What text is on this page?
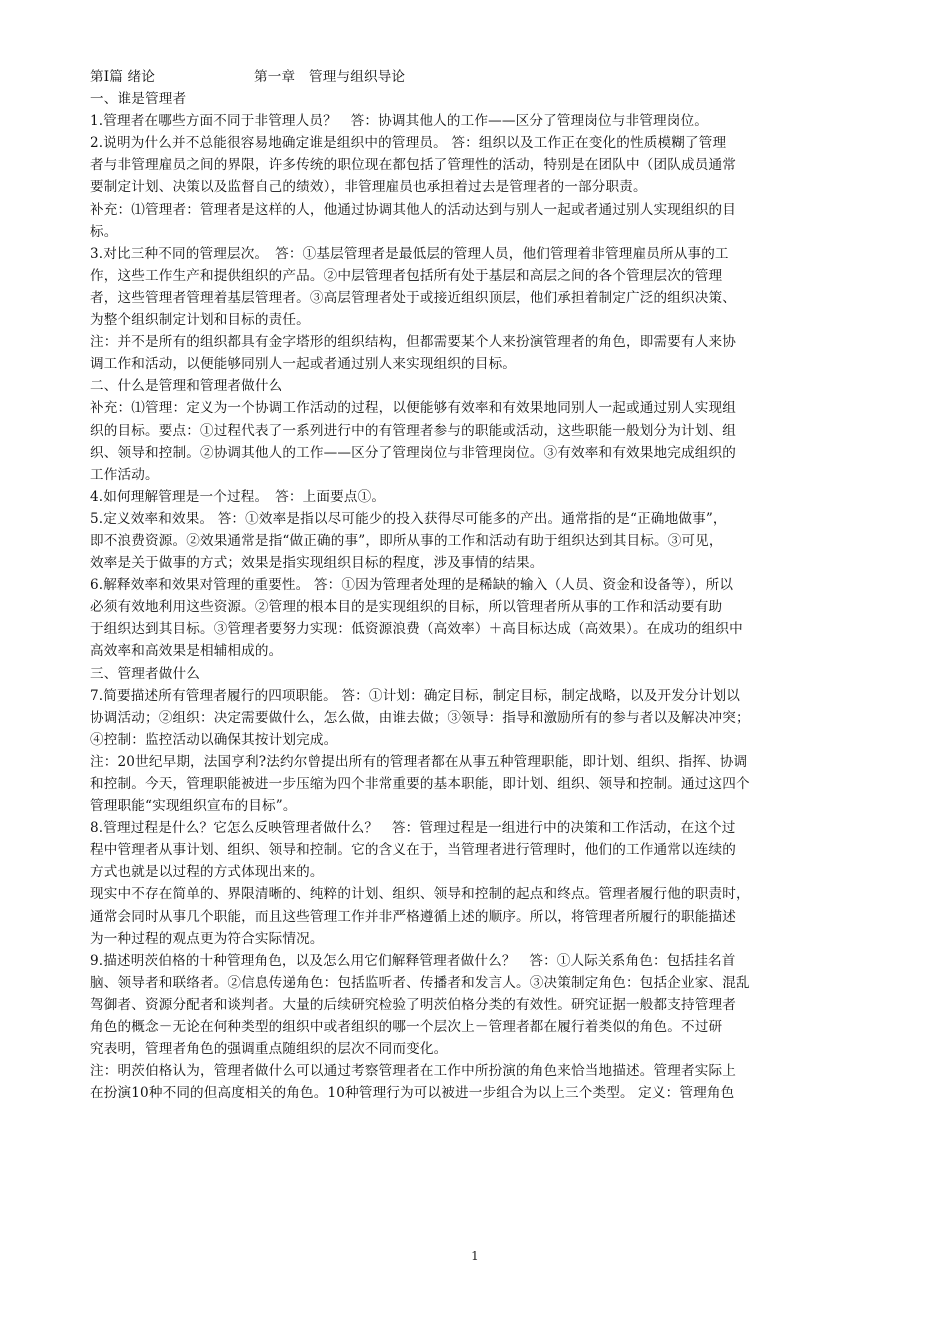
第Ⅰ篇 绪论	第一章　管理与组织导论
一、谁是管理者
1.管理者在哪些方面不同于非管理人员？　答：协调其他人的工作——区分了管理岗位与非管理岗位。
2.说明为什么并不总能很容易地确定谁是组织中的管理员。 答：组织以及工作正在变化的性质模糊了管理
者与非管理雇员之间的界限，许多传统的职位现在都包括了管理性的活动，特别是在团队中（团队成员通常
要制定计划、决策以及监督自己的绩效），非管理雇员也承担着过去是管理者的一部分职责。
补充：⑴管理者：管理者是这样的人，他通过协调其他人的活动达到与别人一起或者通过别人实现组织的目
标。
3.对比三种不同的管理层次。　答：①基层管理者是最低层的管理人员，他们管理着非管理雇员所从事的工
作，这些工作生产和提供组织的产品。②中层管理者包括所有处于基层和高层之间的各个管理层次的管理
者，这些管理者管理着基层管理者。③高层管理者处于或接近组织顶层，他们承担着制定广泛的组织决策、
为整个组织制定计划和目标的责任。
注：并不是所有的组织都具有金字塔形的组织结构，但都需要某个人来扮演管理者的角色，即需要有人来协
调工作和活动，以便能够同别人一起或者通过别人来实现组织的目标。
二、什么是管理和管理者做什么
补充：⑴管理：定义为一个协调工作活动的过程，以便能够有效率和有效果地同别人一起或通过别人实现组
织的目标。要点：①过程代表了一系列进行中的有管理者参与的职能或活动，这些职能一般划分为计划、组
织、领导和控制。②协调其他人的工作——区分了管理岗位与非管理岗位。③有效率和有效果地完成组织的
工作活动。
4.如何理解管理是一个过程。　答：上面要点①。
5.定义效率和效果。 答：①效率是指以尽可能少的投入获得尽可能多的产出。通常指的是“正确地做事”，
即不浪费资源。②效果通常是指“做正确的事”，即所从事的工作和活动有助于组织达到其目标。③可见，
效率是关于做事的方式；效果是指实现组织目标的程度，涉及事情的结果。
6.解释效率和效果对管理的重要性。 答：①因为管理者处理的是稀缺的输入（人员、资金和设备等），所以
必须有效地利用这些资源。②管理的根本目的是实现组织的目标，所以管理者所从事的工作和活动要有助
于组织达到其目标。③管理者要努力实现：低资源浪费（高效率）＋高目标达成（高效果）。在成功的组织中
高效率和高效果是相辅相成的。
三、管理者做什么
7.简要描述所有管理者履行的四项职能。 答：①计划：确定目标，制定目标，制定战略，以及开发分计划以
协调活动；②组织：决定需要做什么，怎么做，由谁去做；③领导：指导和激励所有的参与者以及解决冲突；
④控制：监控活动以确保其按计划完成。
注：20世纪早期，法国亨利?法约尔曾提出所有的管理者都在从事五种管理职能，即计划、组织、指挥、协调
和控制。今天，管理职能被进一步压缩为四个非常重要的基本职能，即计划、组织、领导和控制。通过这四个
管理职能“实现组织宣布的目标”。
8.管理过程是什么？它怎么反映管理者做什么？　答：管理过程是一组进行中的决策和工作活动，在这个过
程中管理者从事计划、组织、领导和控制。它的含义在于，当管理者进行管理时，他们的工作通常以连续的
方式也就是以过程的方式体现出来的。
现实中不存在简单的、界限清晰的、纯粹的计划、组织、领导和控制的起点和终点。管理者履行他的职责时，
通常会同时从事几个职能，而且这些管理工作并非严格遵循上述的顺序。所以，将管理者所履行的职能描述
为一种过程的观点更为符合实际情况。
9.描述明茨伯格的十种管理角色，以及怎么用它们解释管理者做什么？　答：①人际关系角色：包括挂名首
脑、领导者和联络者。②信息传递角色：包括监听者、传播者和发言人。③决策制定角色：包括企业家、混乱
驾御者、资源分配者和谈判者。大量的后续研究检验了明茨伯格分类的有效性。研究证据一般都支持管理者
角色的概念－无论在何种类型的组织中或者组织的哪一个层次上－管理者都在履行着类似的角色。不过研
究表明，管理者角色的强调重点随组织的层次不同而变化。
注：明茨伯格认为，管理者做什么可以通过考察管理者在工作中所扮演的角色来恰当地描述。管理者实际上
在扮演10种不同的但高度相关的角色。10种管理行为可以被进一步组合为以上三个类型。 定义：管理角色
1
